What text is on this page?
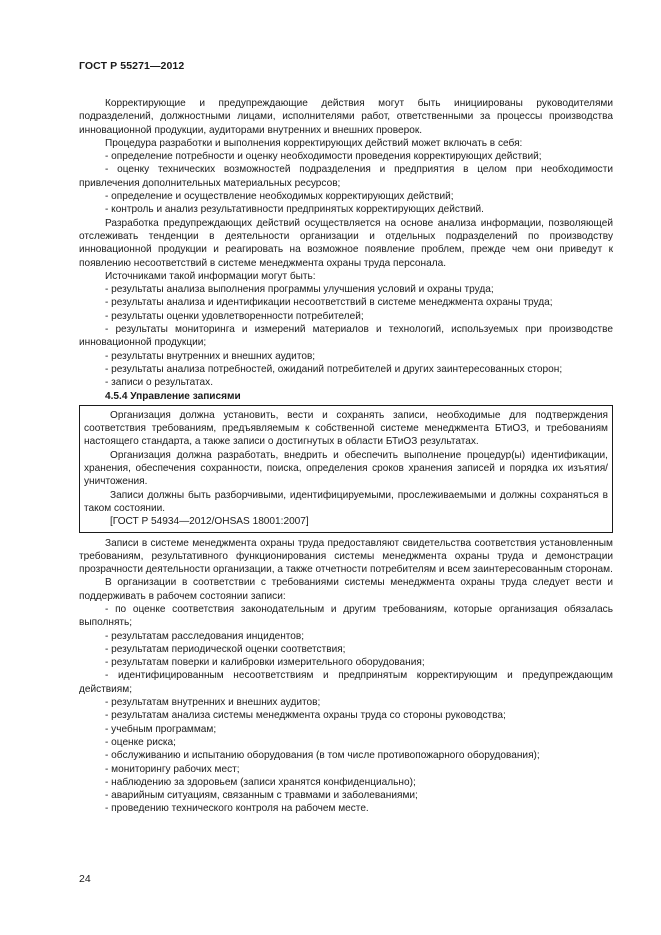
ГОСТ Р 55271—2012

Корректирующие и предупреждающие действия могут быть инициированы руководителями подразделений, должностными лицами, исполнителями работ, ответственными за процессы производства инновационной продукции, аудиторами внутренних и внешних проверок.

Процедура разработки и выполнения корректирующих действий может включать в себя:

- определение потребности и оценку необходимости проведения корректирующих действий;

- оценку технических возможностей подразделения и предприятия в целом при необходимости привлечения дополнительных материальных ресурсов;

- определение и осуществление необходимых корректирующих действий;

- контроль и анализ результативности предпринятых корректирующих действий.

Разработка предупреждающих действий осуществляется на основе анализа информации, позволяющей отслеживать тенденции в деятельности организации и отдельных подразделений по производству инновационной продукции и реагировать на возможное появление проблем, прежде чем они приведут к появлению несоответствий в системе менеджмента охраны труда персонала.

Источниками такой информации могут быть:

- результаты анализа выполнения программы улучшения условий и охраны труда;

- результаты анализа и идентификации несоответствий в системе менеджмента охраны труда;

- результаты оценки удовлетворенности потребителей;

- результаты мониторинга и измерений материалов и технологий, используемых при производстве инновационной продукции;

- результаты внутренних и внешних аудитов;

- результаты анализа потребностей, ожиданий потребителей и других заинтересованных сторон;

- записи о результатах.

4.5.4 Управление записями

Организация должна установить, вести и сохранять записи, необходимые для подтверждения соответствия требованиям, предъявляемым к собственной системе менеджмента БТиОЗ, и требованиям настоящего стандарта, а также записи о достигнутых в области БТиОЗ результатах.

Организация должна разработать, внедрить и обеспечить выполнение процедур(ы) идентификации, хранения, обеспечения сохранности, поиска, определения сроков хранения записей и порядка их изъятия/уничтожения.

Записи должны быть разборчивыми, идентифицируемыми, прослеживаемыми и должны сохраняться в таком состоянии.

[ГОСТ Р 54934—2012/OHSAS 18001:2007]

Записи в системе менеджмента охраны труда предоставляют свидетельства соответствия установленным требованиям, результативного функционирования системы менеджмента охраны труда и демонстрации прозрачности деятельности организации, а также отчетности потребителям и всем заинтересованным сторонам.

В организации в соответствии с требованиями системы менеджмента охраны труда следует вести и поддерживать в рабочем состоянии записи:

- по оценке соответствия законодательным и другим требованиям, которые организация обязалась выполнять;

- результатам расследования инцидентов;

- результатам периодической оценки соответствия;

- результатам поверки и калибровки измерительного оборудования;

- идентифицированным несоответствиям и предпринятым корректирующим и предупреждающим действиям;

- результатам внутренних и внешних аудитов;

- результатам анализа системы менеджмента охраны труда со стороны руководства;

- учебным программам;

- оценке риска;

- обслуживанию и испытанию оборудования (в том числе противопожарного оборудования);

- мониторингу рабочих мест;

- наблюдению за здоровьем (записи хранятся конфиденциально);

- аварийным ситуациям, связанным с травмами и заболеваниями;

- проведению технического контроля на рабочем месте.

24
